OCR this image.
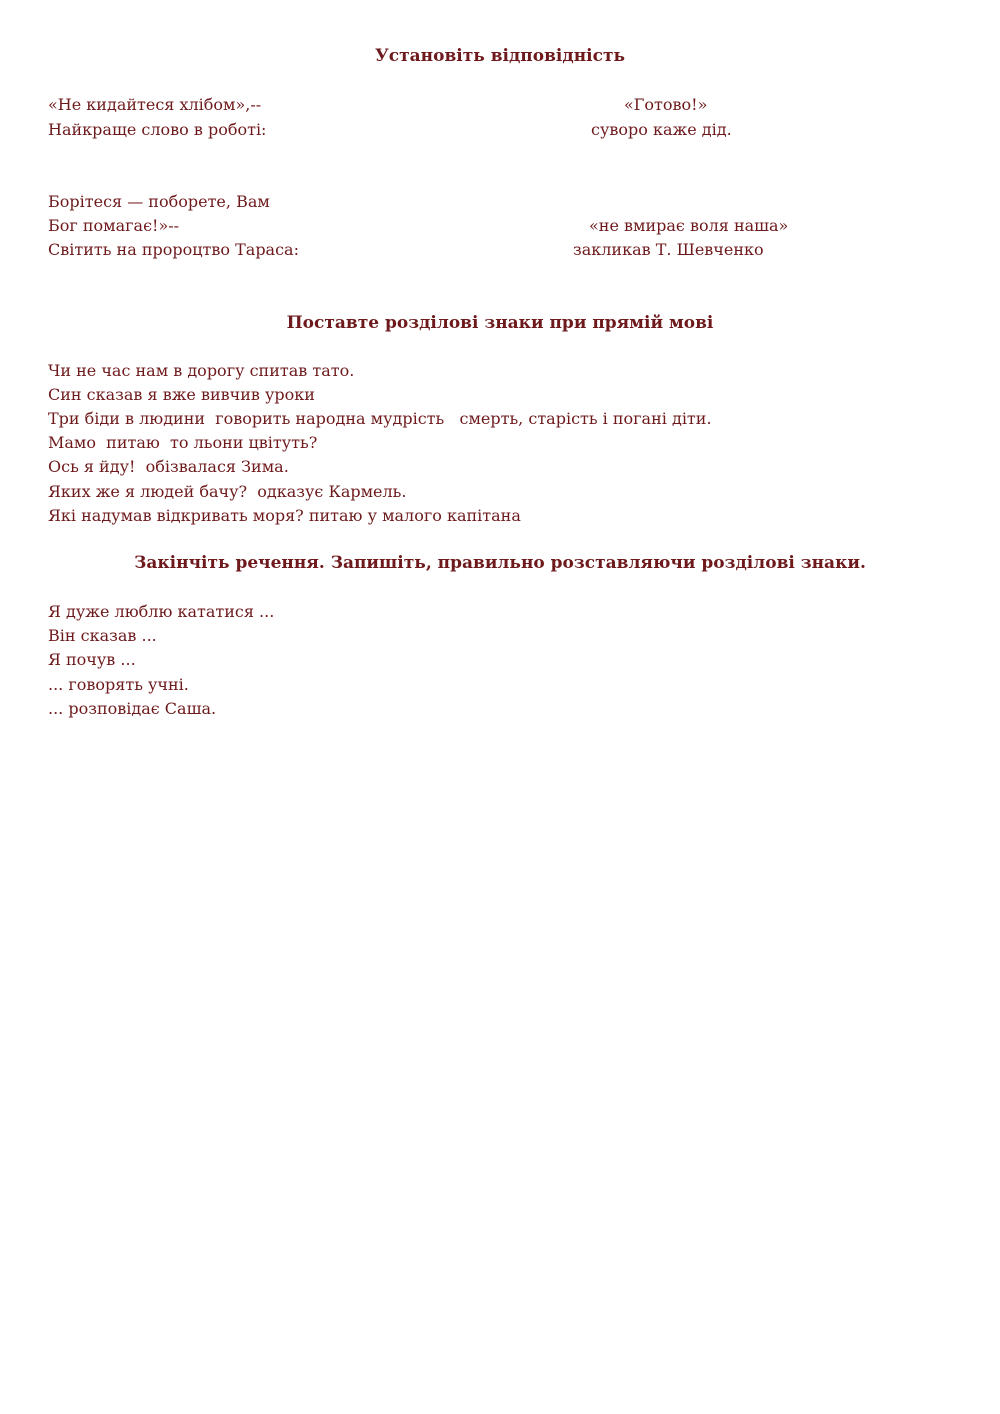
Установіть відповідність

«Не кидайтеся хлібом»,--

Найкраще слово в роботі:

«Готово!»

суворо каже дід.

Борітеся — поборете, Вам

Бог помагає!»--

Світить на пророцтво Тараса:

«не вмирає воля наша»

закликав Т. Шевченко

Поставте розділові знаки при прямій мові

Чи не час нам в дорогу спитав тато.

Син сказав я вже вивчив уроки

Три біди в людини  говорить народна мудрість   смерть, старість і погані діти.

Мамо  питаю  то льони цвітуть?

Ось я йду!  обізвалася Зима.

Яких же я людей бачу?  одказує Кармель.

Які надумав відкривать моря? питаю у малого капітана

Закінчіть речення. Запишіть, правильно розставляючи розділові знаки.

Я дуже люблю кататися ...

Він сказав ...

Я почув ...

... говорять учні.

... розповідає Саша.
